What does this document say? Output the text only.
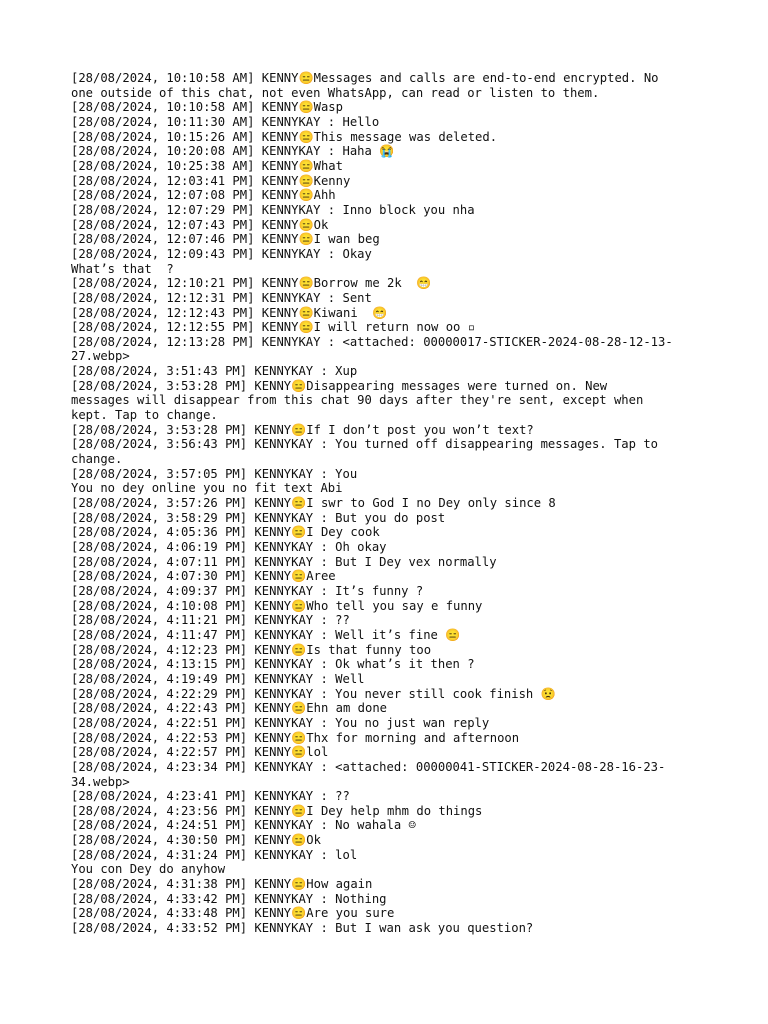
[28/08/2024, 10:10:58 AM] KENNY😑Messages and calls are end-to-end encrypted. No
one outside of this chat, not even WhatsApp, can read or listen to them.
[28/08/2024, 10:10:58 AM] KENNY😑Wasp
[28/08/2024, 10:11:30 AM] KENNYKAY : Hello
[28/08/2024, 10:15:26 AM] KENNY😑This message was deleted.
[28/08/2024, 10:20:08 AM] KENNYKAY : Haha 😭
[28/08/2024, 10:25:38 AM] KENNY😑What
[28/08/2024, 12:03:41 PM] KENNY😑Kenny
[28/08/2024, 12:07:08 PM] KENNY😑Ahh
[28/08/2024, 12:07:29 PM] KENNYKAY : Inno block you nha
[28/08/2024, 12:07:43 PM] KENNY😑Ok
[28/08/2024, 12:07:46 PM] KENNY😑I wan beg
[28/08/2024, 12:09:43 PM] KENNYKAY : Okay
What’s that  ?
[28/08/2024, 12:10:21 PM] KENNY😑Borrow me 2k  😁
[28/08/2024, 12:12:31 PM] KENNYKAY : Sent
[28/08/2024, 12:12:43 PM] KENNY😑Kiwani  😁
[28/08/2024, 12:12:55 PM] KENNY😑I will return now oo ▫
[28/08/2024, 12:13:28 PM] KENNYKAY : <attached: 00000017-STICKER-2024-08-28-12-13-
27.webp>
[28/08/2024, 3:51:43 PM] KENNYKAY : Xup
[28/08/2024, 3:53:28 PM] KENNY😑Disappearing messages were turned on. New
messages will disappear from this chat 90 days after they're sent, except when
kept. Tap to change.
[28/08/2024, 3:53:28 PM] KENNY😑If I don’t post you won’t text?
[28/08/2024, 3:56:43 PM] KENNYKAY : You turned off disappearing messages. Tap to
change.
[28/08/2024, 3:57:05 PM] KENNYKAY : You
You no dey online you no fit text Abi
[28/08/2024, 3:57:26 PM] KENNY😑I swr to God I no Dey only since 8
[28/08/2024, 3:58:29 PM] KENNYKAY : But you do post
[28/08/2024, 4:05:36 PM] KENNY😑I Dey cook
[28/08/2024, 4:06:19 PM] KENNYKAY : Oh okay
[28/08/2024, 4:07:11 PM] KENNYKAY : But I Dey vex normally
[28/08/2024, 4:07:30 PM] KENNY😑Aree
[28/08/2024, 4:09:37 PM] KENNYKAY : It’s funny ?
[28/08/2024, 4:10:08 PM] KENNY😑Who tell you say e funny
[28/08/2024, 4:11:21 PM] KENNYKAY : ??
[28/08/2024, 4:11:47 PM] KENNYKAY : Well it’s fine 😑
[28/08/2024, 4:12:23 PM] KENNY😑Is that funny too
[28/08/2024, 4:13:15 PM] KENNYKAY : Ok what’s it then ?
[28/08/2024, 4:19:49 PM] KENNYKAY : Well
[28/08/2024, 4:22:29 PM] KENNYKAY : You never still cook finish 😟
[28/08/2024, 4:22:43 PM] KENNY😑Ehn am done
[28/08/2024, 4:22:51 PM] KENNYKAY : You no just wan reply
[28/08/2024, 4:22:53 PM] KENNY😑Thx for morning and afternoon
[28/08/2024, 4:22:57 PM] KENNY😑lol
[28/08/2024, 4:23:34 PM] KENNYKAY : <attached: 00000041-STICKER-2024-08-28-16-23-
34.webp>
[28/08/2024, 4:23:41 PM] KENNYKAY : ??
[28/08/2024, 4:23:56 PM] KENNY😑I Dey help mhm do things
[28/08/2024, 4:24:51 PM] KENNYKAY : No wahala ☺
[28/08/2024, 4:30:50 PM] KENNY😑Ok
[28/08/2024, 4:31:24 PM] KENNYKAY : lol
You con Dey do anyhow
[28/08/2024, 4:31:38 PM] KENNY😑How again
[28/08/2024, 4:33:42 PM] KENNYKAY : Nothing
[28/08/2024, 4:33:48 PM] KENNY😑Are you sure
[28/08/2024, 4:33:52 PM] KENNYKAY : But I wan ask you question?
